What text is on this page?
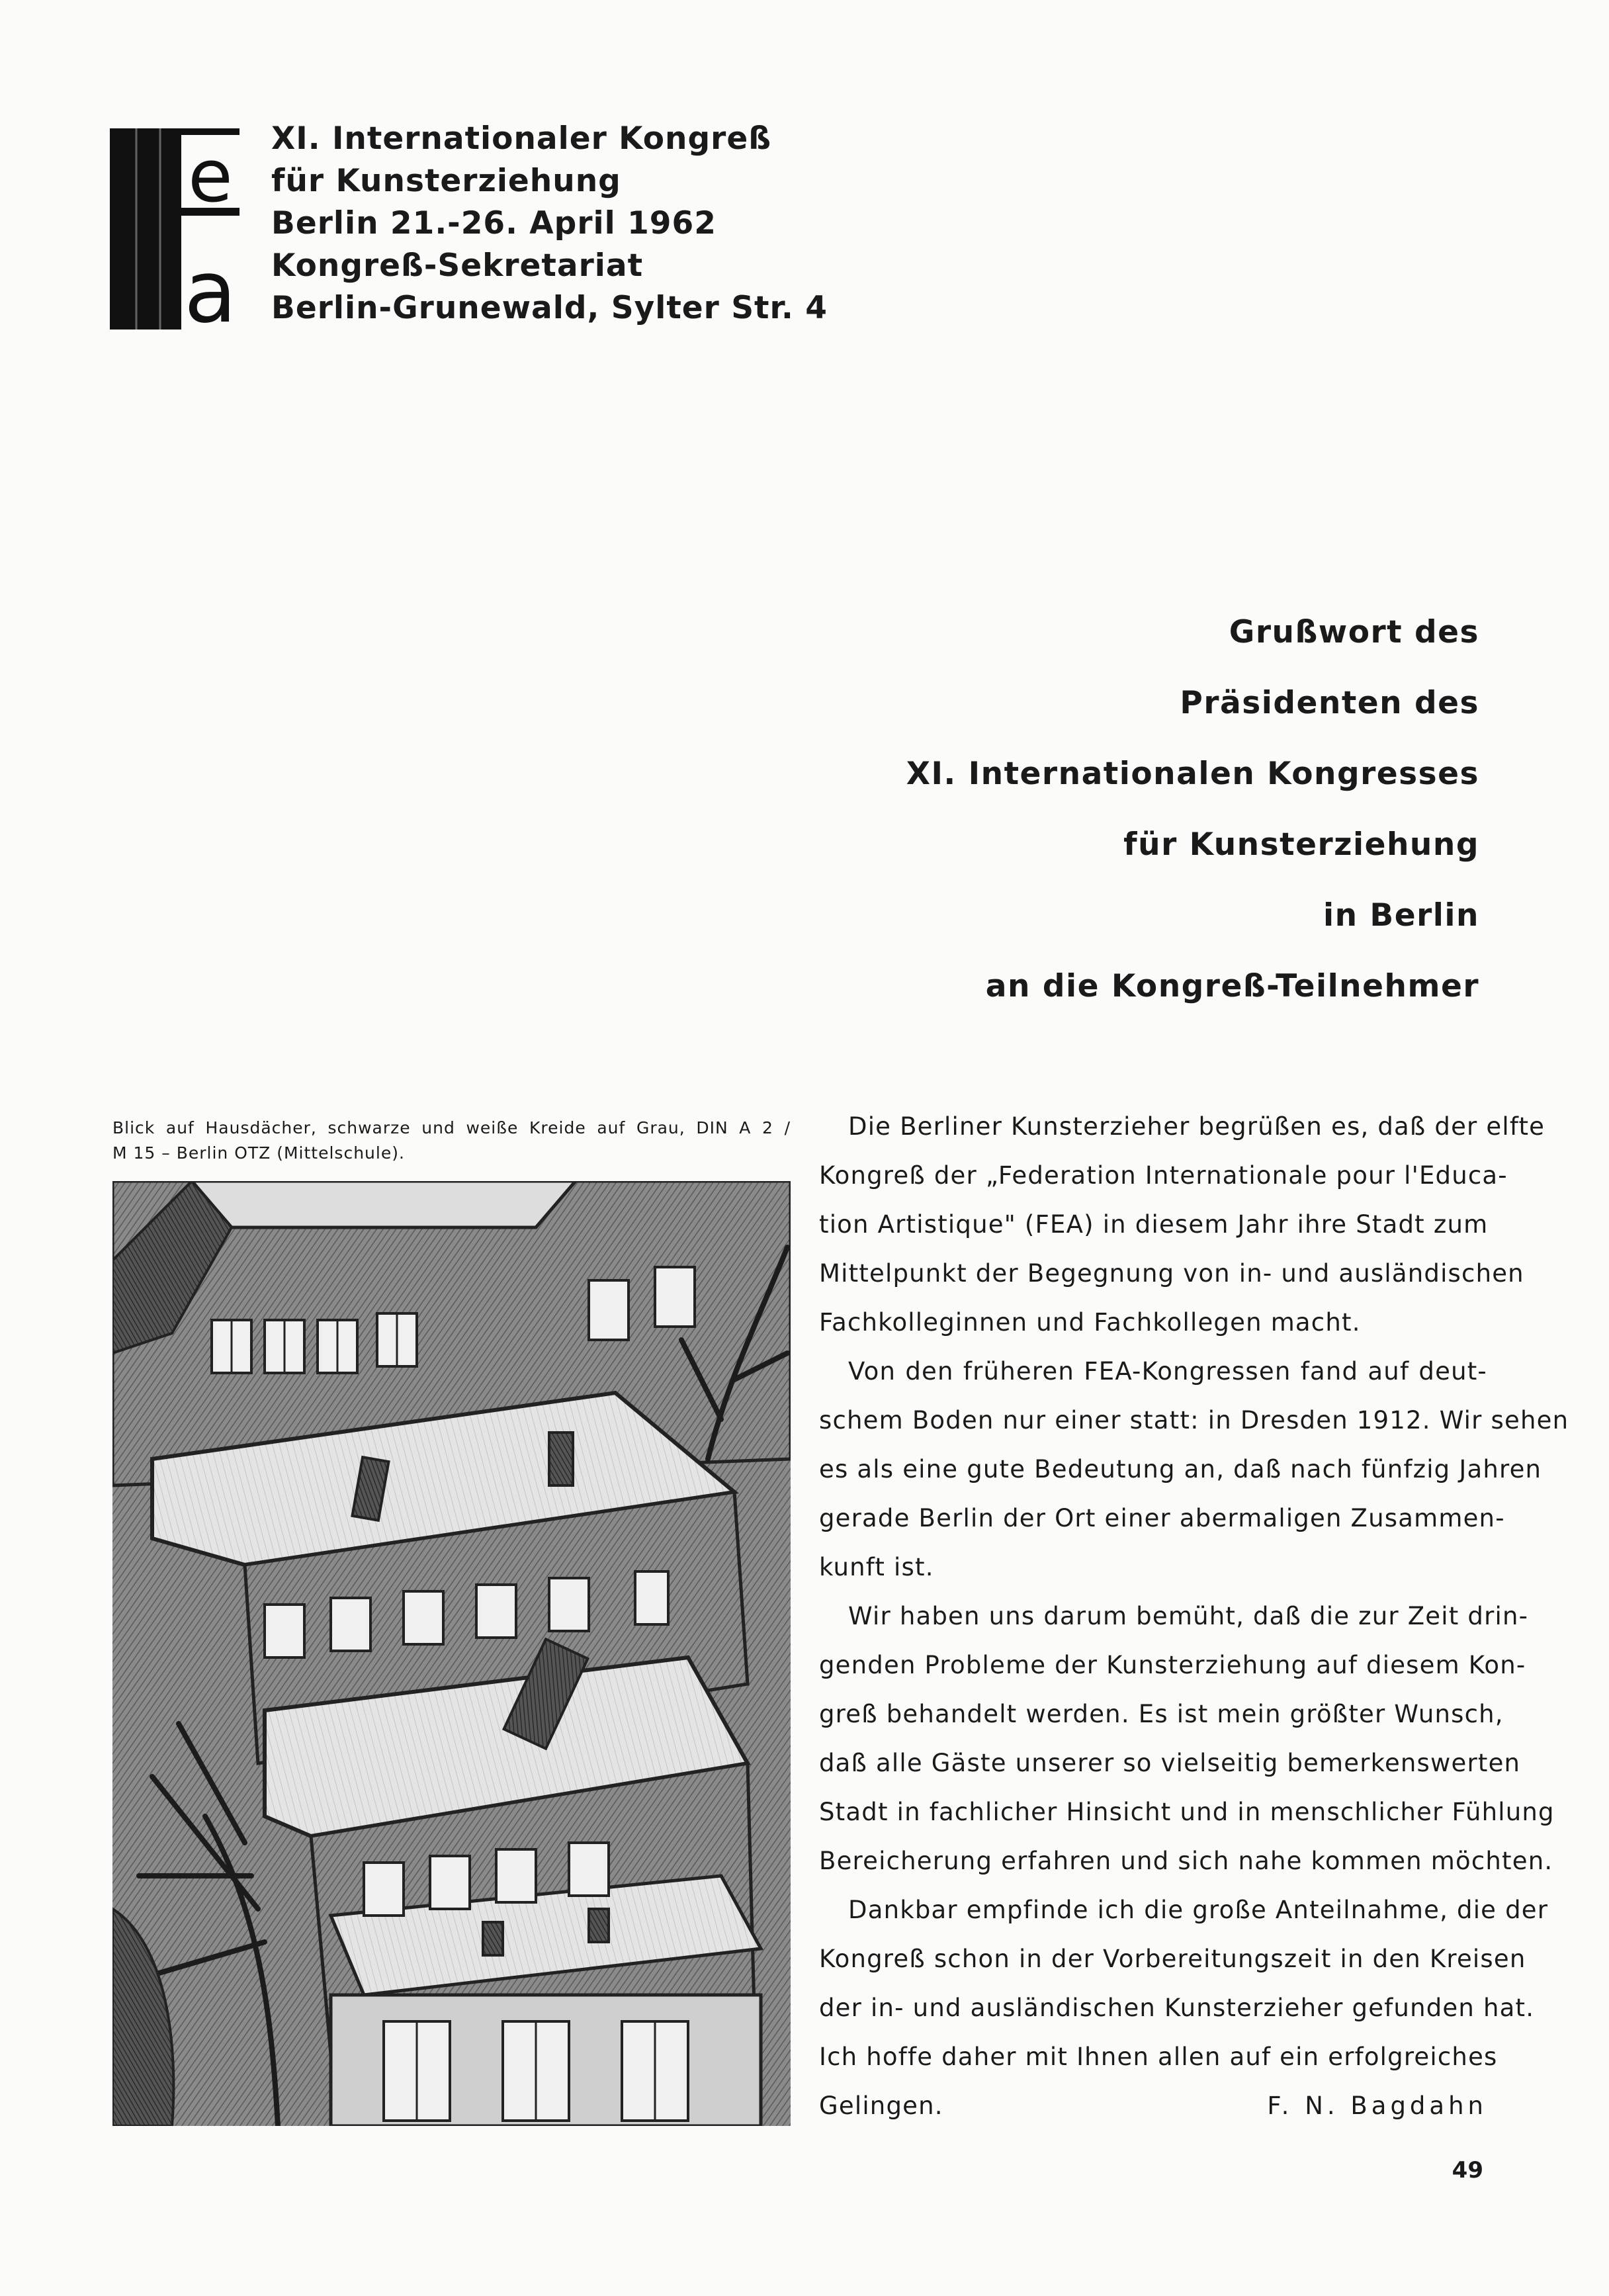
e
a
XI. Internationaler Kongreß
für Kunsterziehung
Berlin 21.-26. April 1962
Kongreß-Sekretariat
Berlin-Grunewald, Sylter Str. 4
Grußwort des
Präsidenten des
XI. Internationalen Kongresses
für Kunsterziehung
in Berlin
an die Kongreß-Teilnehmer
Blick auf Hausdächer, schwarze und weiße Kreide auf Grau, DIN A 2 /
M 15 – Berlin OTZ (Mittelschule).

Die Berliner Kunsterzieher begrüßen es, daß der elfte
Kongreß der „Federation Internationale pour l'Educa-
tion Artistique" (FEA) in diesem Jahr ihre Stadt zum
Mittelpunkt der Begegnung von in- und ausländischen
Fachkolleginnen und Fachkollegen macht.

Von den früheren FEA-Kongressen fand auf deut-
schem Boden nur einer statt: in Dresden 1912. Wir sehen
es als eine gute Bedeutung an, daß nach fünfzig Jahren
gerade Berlin der Ort einer abermaligen Zusammen-
kunft ist.

Wir haben uns darum bemüht, daß die zur Zeit drin-
genden Probleme der Kunsterziehung auf diesem Kon-
greß behandelt werden. Es ist mein größter Wunsch,
daß alle Gäste unserer so vielseitig bemerkenswerten
Stadt in fachlicher Hinsicht und in menschlicher Fühlung
Bereicherung erfahren und sich nahe kommen möchten.

Dankbar empfinde ich die große Anteilnahme, die der
Kongreß schon in der Vorbereitungszeit in den Kreisen
der in- und ausländischen Kunsterzieher gefunden hat.
Ich hoffe daher mit Ihnen allen auf ein erfolgreiches

Gelingen.	F. N. Bagdahn
49
